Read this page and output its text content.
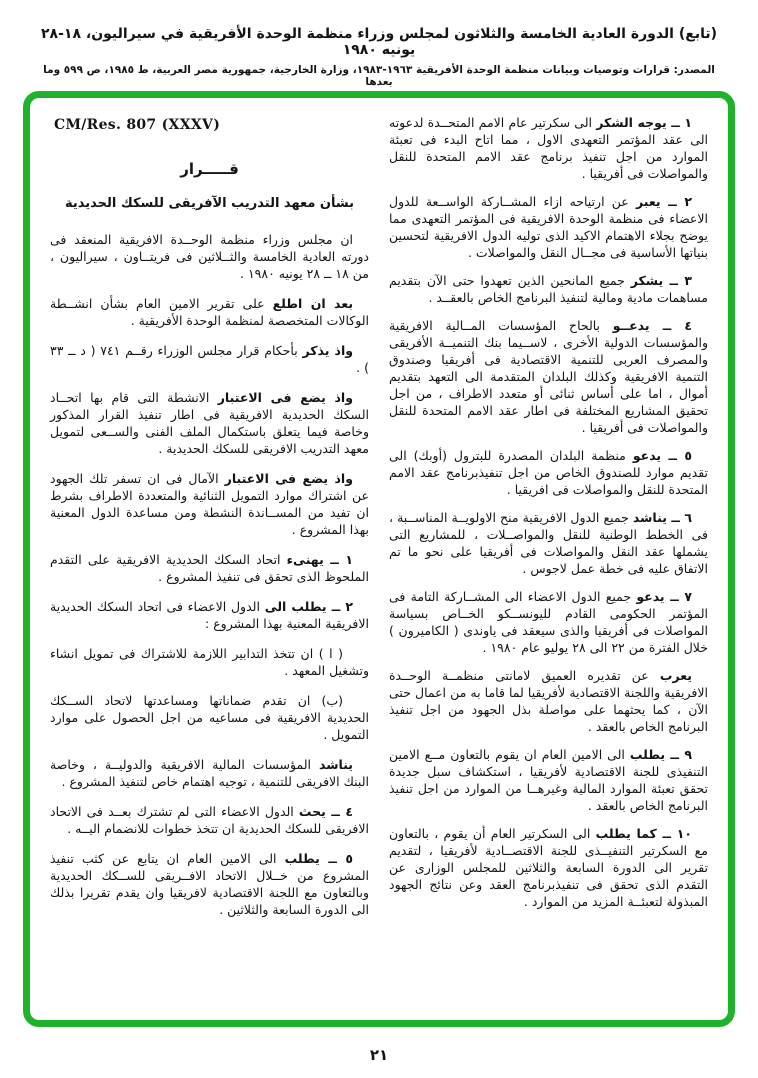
(تابع) الدورة العادية الخامسة والثلاثون لمجلس وزراء منظمة الوحدة الأفريقية في سيراليون، ١٨-٢٨ يونيه ١٩٨٠
المصدر: قرارات وتوصيات وبيانات منظمة الوحدة الأفريقية ١٩٦٣-١٩٨٣، وزارة الخارجية، جمهورية مصر العربية، ط ١٩٨٥، ص ٥٩٩ وما بعدها

١ ــ يوجه الشكر الى سكرتير عام الامم المتحــدة لدعوته الى عقد المؤتمر التعهدى الاول ، مما اتاح البدء فى تعبئة الموارد من اجل تنفيذ برنامج عقد الامم المتحدة للنقل والمواصلات فى أفريقيا .

٢ ــ يعبر عن ارتياحه ازاء المشــاركة الواســعة للدول الاعضاء فى منظمة الوحدة الافريقية فى المؤتمر التعهدى مما يوضح بجلاء الاهتمام الاكيد الذى توليه الدول الافريقية لتحسين بنياتها الأساسية فى مجــال النقل والمواصلات .

٣ ــ يشكر جميع المانحين الذين تعهدوا حتى الآن بتقديم مساهمات مادية ومالية لتنفيذ البرنامج الخاص بالعقــد .

٤ ــ يدعــو بالحاح المؤسسات المــالية الافريقية والمؤسسات الدولية الأخرى ، لاســيما بنك التنميــة الأفريقى والمصرف العربى للتنمية الاقتصادية فى أفريقيا وصندوق التنمية الافريقية وكذلك البلدان المتقدمة الى التعهد بتقديم أموال ، اما على أساس ثنائى أو متعدد الاطراف ، من اجل تحقيق المشاريع المختلفة فى اطار عقد الامم المتحدة للنقل والمواصلات فى أفريقيا .

٥ ــ يدعو منظمة البلدان المصدرة للبترول (أوبك) الى تقديم موارد للصندوق الخاص من اجل تنفيذبرنامج عقد الامم المتحدة للنقل والمواصلات فى افريقيا .

٦ ــ يناشد جميع الدول الافريقية منح الاولويــة المناســبة ، فى الخطط الوطنية للنقل والمواصــلات ، للمشاريع التى يشملها عقد النقل والمواصلات فى أفريقيا على نحو ما تم الاتفاق عليه فى خطة عمل لاجوس .

٧ ــ يدعو جميع الدول الاعضاء الى المشــاركة التامة فى المؤتمر الحكومى القادم لليونســكو الخــاص بسياسة المواصلات فى أفريقيا والذى سيعقد فى ياوندى ( الكاميرون ) خلال الفترة من ٢٢ الى ٢٨ يوليو عام ١٩٨٠ .

يعرب عن تقديره العميق لامانتى منظمــة الوحــدة الافريقية واللجنة الاقتصادية لأفريقيا لما قاما به من اعمال حتى الآن ، كما يحثهما على مواصلة بذل الجهود من اجل تنفيذ البرنامج الخاص بالعقد .

٩ ــ يطلب الى الامين العام ان يقوم بالتعاون مــع الامين التنفيذى للجنة الاقتصادية لأفريقيا ، استكشاف سبل جديدة تحقق تعبئة الموارد المالية وغيرهــا من الموارد من اجل تنفيذ البرنامج الخاص بالعقد .

١٠ ــ كما يطلب الى السكرتير العام أن يقوم ، بالتعاون مع السكرتير التنفيــذى للجنة الاقتصــادية لأفريقيا ، لتقديم تقرير الى الدورة السابعة والثلاثين للمجلس الوزارى عن التقدم الذى تحقق فى تنفيذبرنامج العقد وعن نتائج الجهود المبذولة لتعبئــة المزيد من الموارد .

CM/Res. 807 (XXXV)
قـــــرار
بشأن معهد التدريب الآفريقى للسكك الحديدية

ان مجلس وزراء منظمة الوحــدة الافريقية المنعقد فى دورته العادية الخامسة والثــلاثين فى فريتــاون ، سيراليون ، من ١٨ ــ ٢٨ يونيه ١٩٨٠ .

بعد ان اطلع على تقرير الامين العام بشأن انشــطة الوكالات المتخصصة لمنظمة الوحدة الأفريقية .

واذ يذكر بأحكام قرار مجلس الوزراء رقــم ٧٤١ ( د ــ ٣٣ ) .

واذ يضع فى الاعتبار الانشطة التى قام بها اتحــاد السكك الحديدية الافريقية فى اطار تنفيذ القرار المذكور وخاصة فيما يتعلق باستكمال الملف الفنى والســعى لتمويل معهد التدريب الافريقى للسكك الحديدية .

واذ يضع فى الاعتبار الآمال فى ان تسفر تلك الجهود عن اشتراك موارد التمويل الثنائية والمتعددة الاطراف بشرط ان تفيد من المســاندة النشطة ومن مساعدة الدول المعنية بهذا المشروع .

١ ــ يهنىء اتحاد السكك الحديدية الافريقية على التقدم الملحوظ الذى تحقق فى تنفيذ المشروع .

٢ ــ يطلب الى الدول الاعضاء فى اتحاد السكك الحديدية الافريقية المعنية بهذا المشروع :

( ا ) ان تتخذ التدابير اللازمة للاشتراك فى تمويل انشاء وتشغيل المعهد .

(ب) ان تقدم ضماناتها ومساعدتها لاتحاد الســكك الحديدية الافريقية فى مساعيه من اجل الحصول على موارد التمويل .

يناشد المؤسسات المالية الافريقية والدوليــة ، وخاصة البنك الافريقى للتنمية ، توجيه اهتمام خاص لتنفيذ المشروع .

٤ ــ يحث الدول الاعضاء التى لم تشترك بعــد فى الاتحاد الافريقى للسكك الحديدية ان تتخذ خطوات للانضمام اليــه .

٥ ــ يطلب الى الامين العام ان يتابع عن كثب تنفيذ المشروع من خــلال الاتحاد الافــريقى للســكك الحديدية وبالتعاون مع اللجنة الاقتصادية لافريقيا وان يقدم تقريرا بذلك الى الدورة السابعة والثلاثين .

٢١
